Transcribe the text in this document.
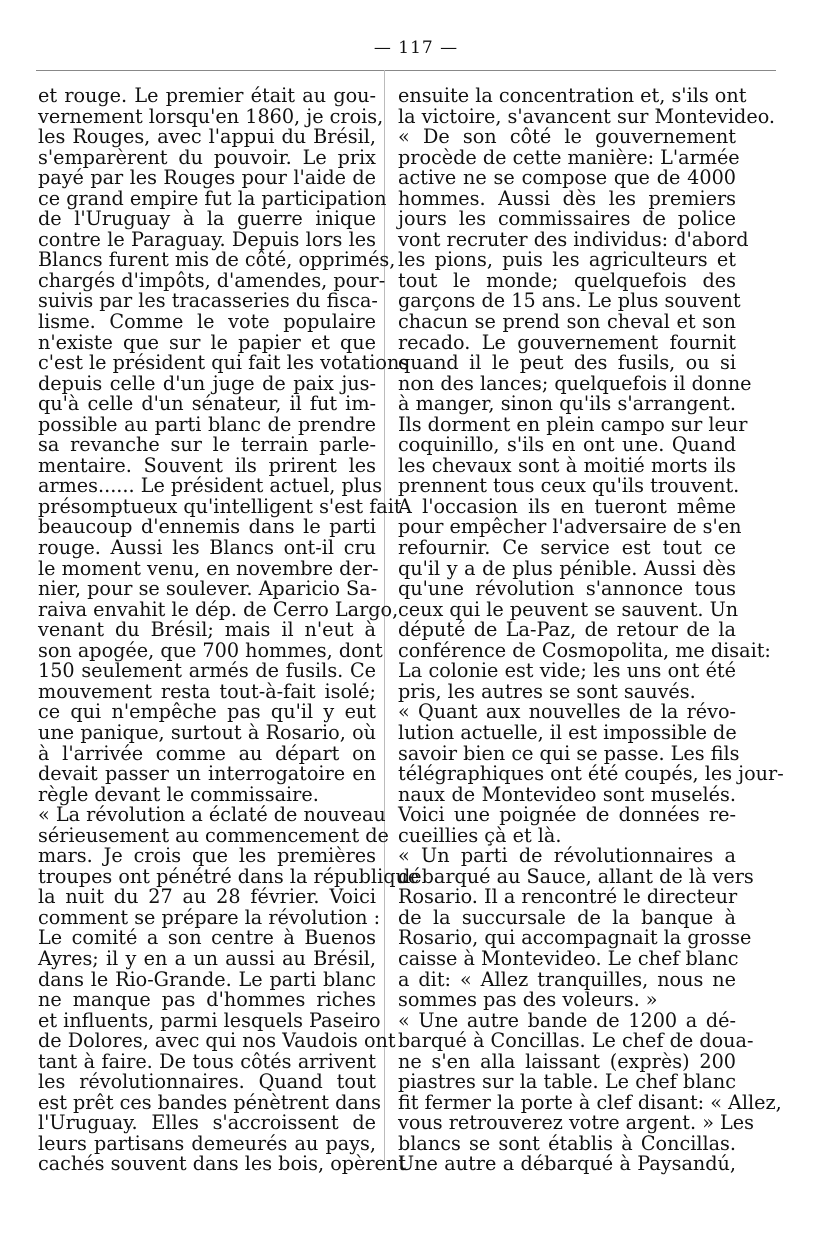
— 117 —
et rouge. Le premier était au gou-
vernement lorsqu'en 1860, je crois,
les Rouges, avec l'appui du Brésil,
s'emparèrent du pouvoir. Le prix
payé par les Rouges pour l'aide de
ce grand empire fut la participation
de l'Uruguay à la guerre inique
contre le Paraguay. Depuis lors les
Blancs furent mis de côté, opprimés,
chargés d'impôts, d'amendes, pour-
suivis par les tracasseries du fisca-
lisme. Comme le vote populaire
n'existe que sur le papier et que
c'est le président qui fait les votations
depuis celle d'un juge de paix jus-
qu'à celle d'un sénateur, il fut im-
possible au parti blanc de prendre
sa revanche sur le terrain parle-
mentaire. Souvent ils prirent les
armes...... Le président actuel, plus
présomptueux qu'intelligent s'est fait
beaucoup d'ennemis dans le parti
rouge. Aussi les Blancs ont-il cru
le moment venu, en novembre der-
nier, pour se soulever. Aparicio Sa-
raiva envahit le dép. de Cerro Largo,
venant du Brésil; mais il n'eut à
son apogée, que 700 hommes, dont
150 seulement armés de fusils. Ce
mouvement resta tout-à-fait isolé;
ce qui n'empêche pas qu'il y eut
une panique, surtout à Rosario, où
à l'arrivée comme au départ on
devait passer un interrogatoire en
règle devant le commissaire.
« La révolution a éclaté de nouveau
sérieusement au commencement de
mars. Je crois que les premières
troupes ont pénétré dans la république
la nuit du 27 au 28 février. Voici
comment se prépare la révolution :
Le comité a son centre à Buenos
Ayres; il y en a un aussi au Brésil,
dans le Rio-Grande. Le parti blanc
ne manque pas d'hommes riches
et influents, parmi lesquels Paseiro
de Dolores, avec qui nos Vaudois ont
tant à faire. De tous côtés arrivent
les révolutionnaires. Quand tout
est prêt ces bandes pénètrent dans
l'Uruguay. Elles s'accroissent de
leurs partisans demeurés au pays,
cachés souvent dans les bois, opèrent
ensuite la concentration et, s'ils ont
la victoire, s'avancent sur Montevideo.
« De son côté le gouvernement
procède de cette manière: L'armée
active ne se compose que de 4000
hommes. Aussi dès les premiers
jours les commissaires de police
vont recruter des individus: d'abord
les pions, puis les agriculteurs et
tout le monde; quelquefois des
garçons de 15 ans. Le plus souvent
chacun se prend son cheval et son
recado. Le gouvernement fournit
quand il le peut des fusils, ou si
non des lances; quelquefois il donne
à manger, sinon qu'ils s'arrangent.
Ils dorment en plein campo sur leur
coquinillo, s'ils en ont une. Quand
les chevaux sont à moitié morts ils
prennent tous ceux qu'ils trouvent.
A l'occasion ils en tueront même
pour empêcher l'adversaire de s'en
refournir. Ce service est tout ce
qu'il y a de plus pénible. Aussi dès
qu'une révolution s'annonce tous
ceux qui le peuvent se sauvent. Un
député de La-Paz, de retour de la
conférence de Cosmopolita, me disait:
La colonie est vide; les uns ont été
pris, les autres se sont sauvés.
« Quant aux nouvelles de la révo-
lution actuelle, il est impossible de
savoir bien ce qui se passe. Les fils
télégraphiques ont été coupés, les jour-
naux de Montevideo sont muselés.
Voici une poignée de données re-
cueillies çà et là.
« Un parti de révolutionnaires a
débarqué au Sauce, allant de là vers
Rosario. Il a rencontré le directeur
de la succursale de la banque à
Rosario, qui accompagnait la grosse
caisse à Montevideo. Le chef blanc
a dit: « Allez tranquilles, nous ne
sommes pas des voleurs. »
« Une autre bande de 1200 a dé-
barqué à Concillas. Le chef de doua-
ne s'en alla laissant (exprès) 200
piastres sur la table. Le chef blanc
fit fermer la porte à clef disant: « Allez,
vous retrouverez votre argent. » Les
blancs se sont établis à Concillas.
Une autre a débarqué à Paysandú,
